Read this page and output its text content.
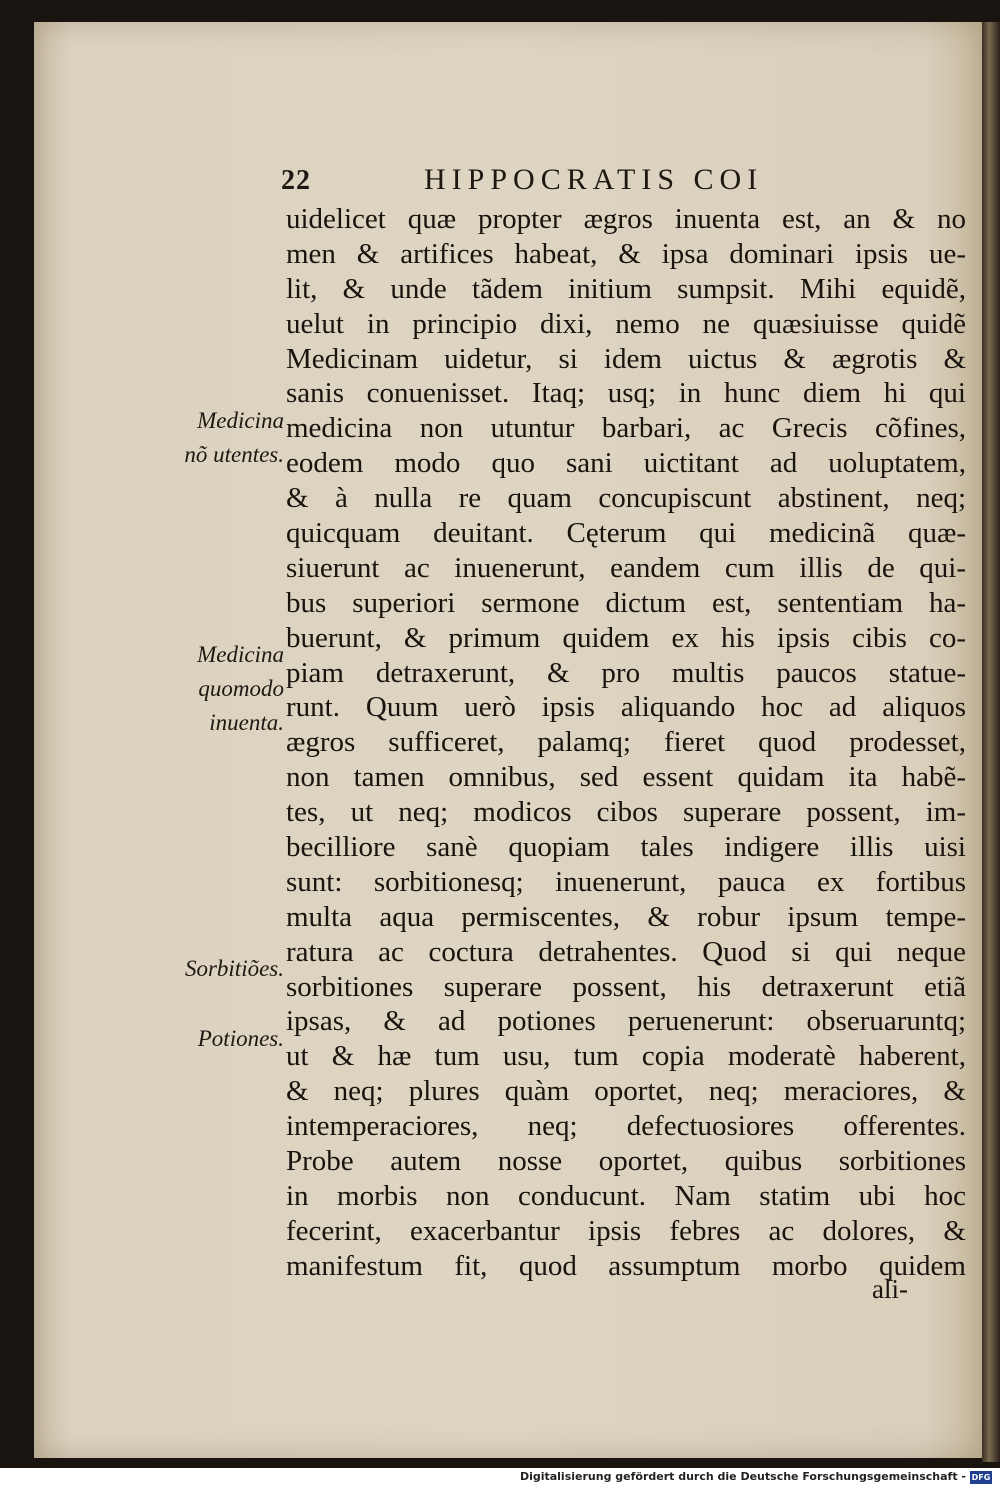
22	HIPPOCRATIS COI
Medicina
nõ utentes.
Medicina
quomodo
inuenta.
Sorbitiões.
Potiones.
uidelicet quæ propter ægros inuenta est, an & no
men & artifices habeat, & ipsa dominari ipsis ue-
lit, & unde tãdem initium sumpsit. Mihi equidẽ,
uelut in principio dixi, nemo ne quæsiuisse quidẽ
Medicinam uidetur, si idem uictus & ægrotis &
sanis conuenisset. Itaq; usq; in hunc diem hi qui
medicina non utuntur barbari, ac Grecis cõfines,
eodem modo quo sani uictitant ad uoluptatem,
& à nulla re quam concupiscunt abstinent, neq;
quicquam deuitant. Cęterum qui medicinã quæ-
siuerunt ac inuenerunt, eandem cum illis de qui-
bus superiori sermone dictum est, sententiam ha-
buerunt, & primum quidem ex his ipsis cibis co-
piam detraxerunt, & pro multis paucos statue-
runt. Quum uerò ipsis aliquando hoc ad aliquos
ægros sufficeret, palamq; fieret quod prodesset,
non tamen omnibus, sed essent quidam ita habẽ-
tes, ut neq; modicos cibos superare possent, im-
becilliore sanè quopiam tales indigere illis uisi
sunt: sorbitionesq; inuenerunt, pauca ex fortibus
multa aqua permiscentes, & robur ipsum tempe-
ratura ac coctura detrahentes. Quod si qui neque
sorbitiones superare possent, his detraxerunt etiã
ipsas, & ad potiones peruenerunt: obseruaruntq;
ut & hæ tum usu, tum copia moderatè haberent,
& neq; plures quàm oportet, neq; meraciores, &
intemperaciores, neq; defectuosiores offerentes.
Probe autem nosse oportet, quibus sorbitiones
in morbis non conducunt. Nam statim ubi hoc
fecerint, exacerbantur ipsis febres ac dolores, &
manifestum fit, quod assumptum morbo quidem
ali-
Digitalisierung gefördert durch die Deutsche Forschungsgemeinschaft - DFG
